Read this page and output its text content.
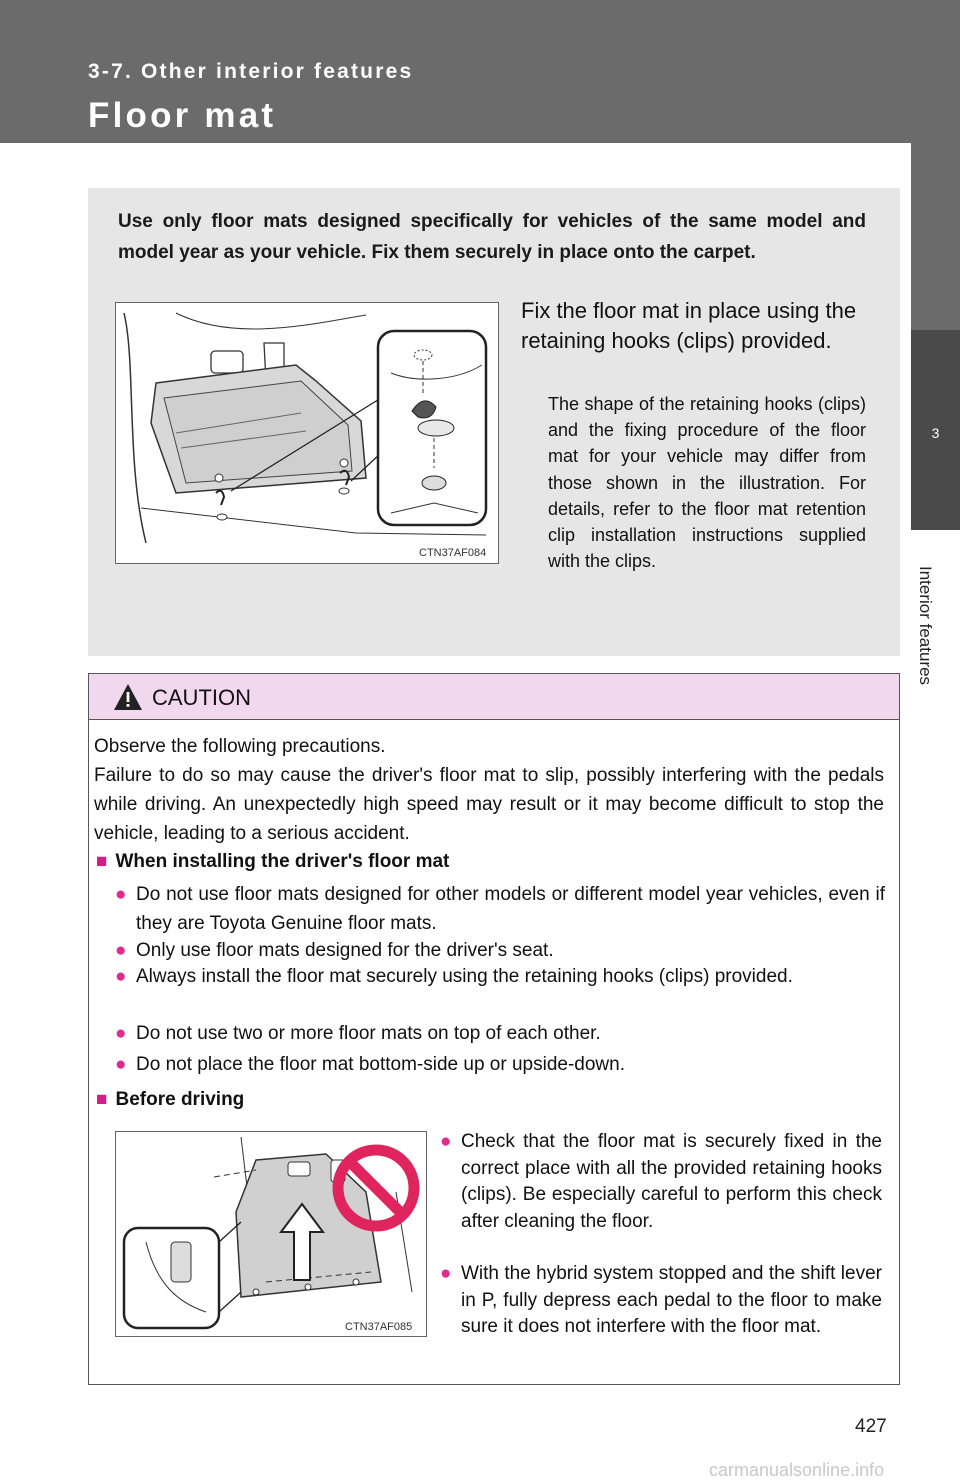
3-7. Other interior features
Floor mat
3
Interior features
Use only floor mats designed specifically for vehicles of the same model and model year as your vehicle. Fix them securely in place onto the carpet.
CTN37AF084
Fix the floor mat in place using the retaining hooks (clips) provided.
The shape of the retaining hooks (clips) and the fixing procedure of the floor mat for your vehicle may differ from those shown in the illustration. For details, refer to the floor mat retention clip installation instructions supplied with the clips.
CAUTION

Observe the following precautions.

Failure to do so may cause the driver's floor mat to slip, possibly interfering with the pedals while driving. An unexpectedly high speed may result or it may become difficult to stop the vehicle, leading to a serious accident.

■ When installing the driver's floor mat
● Do not use floor mats designed for other models or different model year vehicles, even if they are Toyota Genuine floor mats.
● Only use floor mats designed for the driver's seat.
● Always install the floor mat securely using the retaining hooks (clips) provided.
● Do not use two or more floor mats on top of each other.
● Do not place the floor mat bottom-side up or upside-down.
■ Before driving
CTN37AF085
● Check that the floor mat is securely fixed in the correct place with all the provided retaining hooks (clips). Be especially careful to perform this check after cleaning the floor.
● With the hybrid system stopped and the shift lever in P, fully depress each pedal to the floor to make sure it does not interfere with the floor mat.
427
carmanualsonline.info
